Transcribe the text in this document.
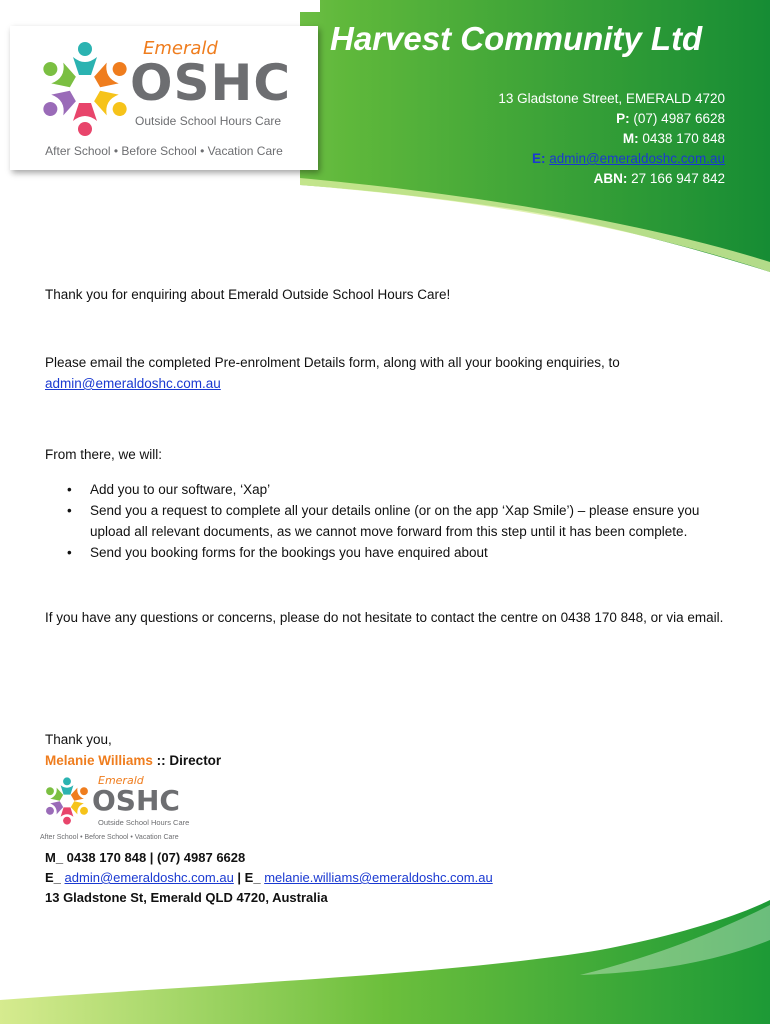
Harvest Community Ltd
13 Gladstone Street, EMERALD 4720
P: (07) 4987 6628
M: 0438 170 848
E: admin@emeraldoshc.com.au
ABN: 27 166 947 842
Emerald
OSHC
Outside School Hours Care
After School • Before School • Vacation Care
Thank you for enquiring about Emerald Outside School Hours Care!
Please email the completed Pre-enrolment Details form, along with all your booking enquiries, to
admin@emeraldoshc.com.au
From there, we will:
• Add you to our software, ‘Xap’
• Send you a request to complete all your details online (or on the app ‘Xap Smile’) – please ensure you upload all relevant documents, as we cannot move forward from this step until it has been complete.
• Send you booking forms for the bookings you have enquired about
If you have any questions or concerns, please do not hesitate to contact the centre on 0438 170 848, or via email.
Thank you,
Melanie Williams :: Director
Emerald
OSHC
Outside School Hours Care
After School • Before School • Vacation Care
M_ 0438 170 848 | (07) 4987 6628
E_ admin@emeraldoshc.com.au | E_ melanie.williams@emeraldoshc.com.au
13 Gladstone St, Emerald QLD 4720, Australia
